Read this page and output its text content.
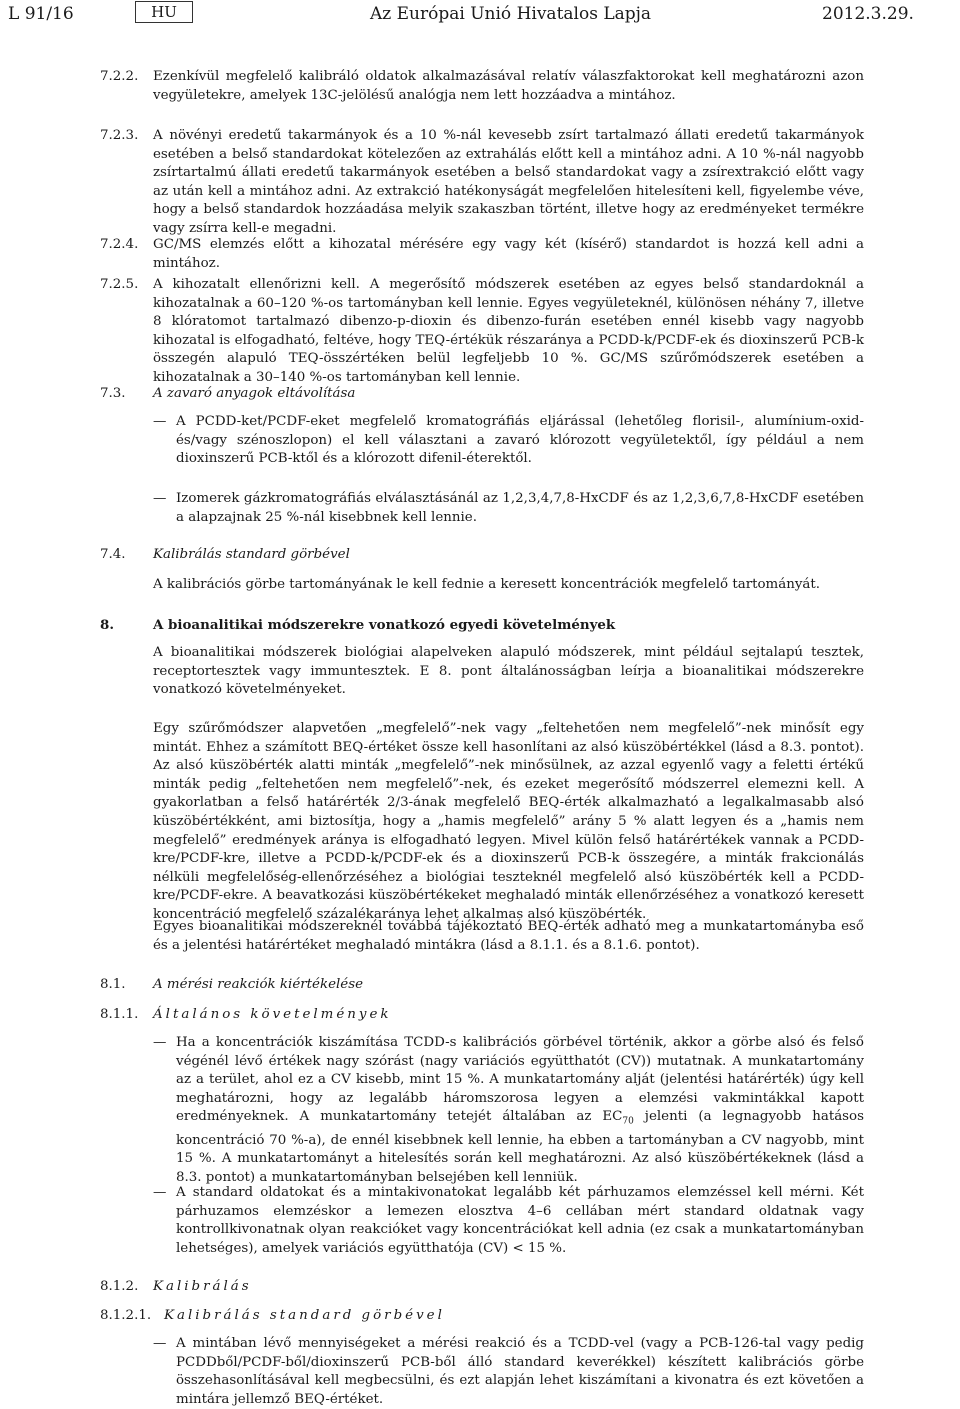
L 91/16	HU	Az Európai Unió Hivatalos Lapja	2012.3.29.
7.2.2. Ezenkívül megfelelő kalibráló oldatok alkalmazásával relatív válaszfaktorokat kell meghatározni azon vegyületekre, amelyek 13C-jelölésű analógja nem lett hozzáadva a mintához.
7.2.3. A növényi eredetű takarmányok és a 10 %-nál kevesebb zsírt tartalmazó állati eredetű takarmányok esetében a belső standardokat kötelezően az extrahálás előtt kell a mintához adni. A 10 %-nál nagyobb zsírtartalmú állati eredetű takarmányok esetében a belső standardokat vagy a zsírextrakció előtt vagy az után kell a mintához adni. Az extrakció hatékonyságát megfelelően hitelesíteni kell, figyelembe véve, hogy a belső standardok hozzáadása melyik szakaszban történt, illetve hogy az eredményeket termékre vagy zsírra kell-e megadni.
7.2.4. GC/MS elemzés előtt a kihozatal mérésére egy vagy két (kísérő) standardot is hozzá kell adni a mintához.
7.2.5. A kihozatalt ellenőrizni kell. A megerősítő módszerek esetében az egyes belső standardoknál a kihozatalnak a 60–120 %-os tartományban kell lennie. Egyes vegyületeknél, különösen néhány 7, illetve 8 klóratomot tartalmazó dibenzo-p-dioxin és dibenzo-furán esetében ennél kisebb vagy nagyobb kihozatal is elfogadható, feltéve, hogy TEQ-értékük részaránya a PCDD-k/PCDF-ek és dioxinszerű PCB-k összegén alapuló TEQ-összértéken belül legfeljebb 10 %. GC/MS szűrőmódszerek esetében a kihozatalnak a 30–140 %-os tartományban kell lennie.
7.3. A zavaró anyagok eltávolítása
— A PCDD-ket/PCDF-eket megfelelő kromatográfiás eljárással (lehetőleg florisil-, alumínium-oxid- és/vagy szénoszlopon) el kell választani a zavaró klórozott vegyületektől, így például a nem dioxinszerű PCB-ktől és a klórozott difenil-éterektől.
— Izomerek gázkromatográfiás elválasztásánál az 1,2,3,4,7,8-HxCDF és az 1,2,3,6,7,8-HxCDF esetében a alapzajnak 25 %-nál kisebbnek kell lennie.
7.4. Kalibrálás standard görbével
A kalibrációs görbe tartományának le kell fednie a keresett koncentrációk megfelelő tartományát.
8.	A bioanalitikai módszerekre vonatkozó egyedi követelmények
A bioanalitikai módszerek biológiai alapelveken alapuló módszerek, mint például sejtalapú tesztek, receptortesztek vagy immuntesztek. E 8. pont általánosságban leírja a bioanalitikai módszerekre vonatkozó követelményeket.
Egy szűrőmódszer alapvetően „megfelelő”-nek vagy „feltehetően nem megfelelő”-nek minősít egy mintát. Ehhez a számított BEQ-értéket össze kell hasonlítani az alsó küszöbértékkel (lásd a 8.3. pontot). Az alsó küszöbérték alatti minták „megfelelő”-nek minősülnek, az azzal egyenlő vagy a feletti értékű minták pedig „feltehetően nem megfelelő”-nek, és ezeket megerősítő módszerrel elemezni kell. A gyakorlatban a felső határérték 2/3-ának megfelelő BEQ-érték alkalmazható a legalkalmasabb alsó küszöbértékként, ami biztosítja, hogy a „hamis megfelelő” arány 5 % alatt legyen és a „hamis nem megfelelő” eredmények aránya is elfogadható legyen. Mivel külön felső határértékek vannak a PCDD-kre/PCDF-kre, illetve a PCDD-k/PCDF-ek és a dioxinszerű PCB-k összegére, a minták frakcionálás nélküli megfelelőség-ellenőrzéséhez a biológiai teszteknél megfelelő alsó küszöbérték kell a PCDD-kre/PCDF-ekre. A beavatkozási küszöbértékeket meghaladó minták ellenőrzéséhez a vonatkozó keresett koncentráció megfelelő százalékaránya lehet alkalmas alsó küszöbérték.
Egyes bioanalitikai módszereknél továbbá tájékoztató BEQ-érték adható meg a munkatartományba eső és a jelentési határértéket meghaladó mintákra (lásd a 8.1.1. és a 8.1.6. pontot).
8.1. A mérési reakciók kiértékelése
8.1.1. Általános követelmények
— Ha a koncentrációk kiszámítása TCDD-s kalibrációs görbével történik, akkor a görbe alsó és felső végénél lévő értékek nagy szórást (nagy variációs együtthatót (CV)) mutatnak. A munkatartomány az a terület, ahol ez a CV kisebb, mint 15 %. A munkatartomány alját (jelentési határérték) úgy kell meghatározni, hogy az legalább háromszorosa legyen a elemzési vakmintákkal kapott eredményeknek. A munkatartomány tetejét általában az $EC_{70}$ jelenti (a legnagyobb hatásos koncentráció 70 %-a), de ennél kisebbnek kell lennie, ha ebben a tartományban a CV nagyobb, mint 15 %. A munkatartományt a hitelesítés során kell meghatározni. Az alsó küszöbértékeknek (lásd a 8.3. pontot) a munkatartományban belsejében kell lenniük.
— A standard oldatokat és a mintakivonatokat legalább két párhuzamos elemzéssel kell mérni. Két párhuzamos elemzéskor a lemezen elosztva 4–6 cellában mért standard oldatnak vagy kontrollkivonatnak olyan reakcióket vagy koncentrációkat kell adnia (ez csak a munkatartományban lehetséges), amelyek variációs együtthatója (CV) < 15 %.
8.1.2. Kalibrálás
8.1.2.1. Kalibrálás standard görbével
— A mintában lévő mennyiségeket a mérési reakció és a TCDD-vel (vagy a PCB-126-tal vagy pedig PCDDből/PCDF-ből/dioxinszerű PCB-ből álló standard keverékkel) készített kalibrációs görbe összehasonlításával kell megbecsülni, és ezt alapján lehet kiszámítani a kivonatra és ezt követően a mintára jellemző BEQ-értéket.
